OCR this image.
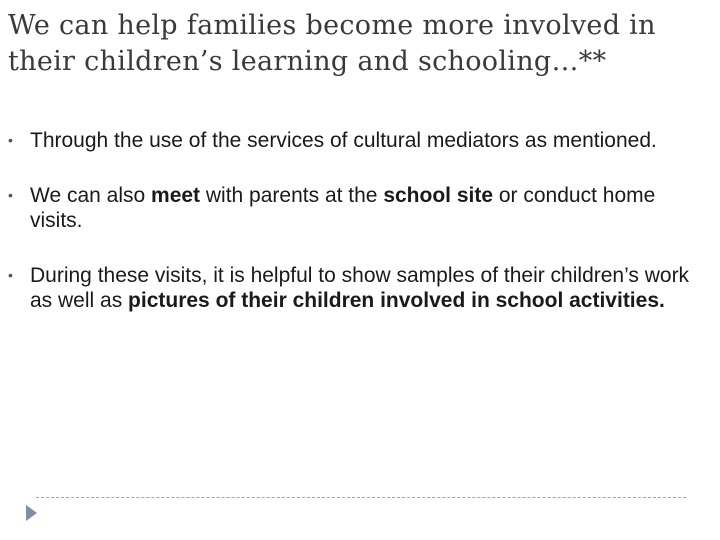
We can help families become more involved in their children’s learning and schooling…**
• Through the use of the services of cultural mediators as mentioned.
• We can also meet with parents at the school site or conduct home visits.
• During these visits, it is helpful to show samples of their children’s work as well as pictures of their children involved in school activities.
